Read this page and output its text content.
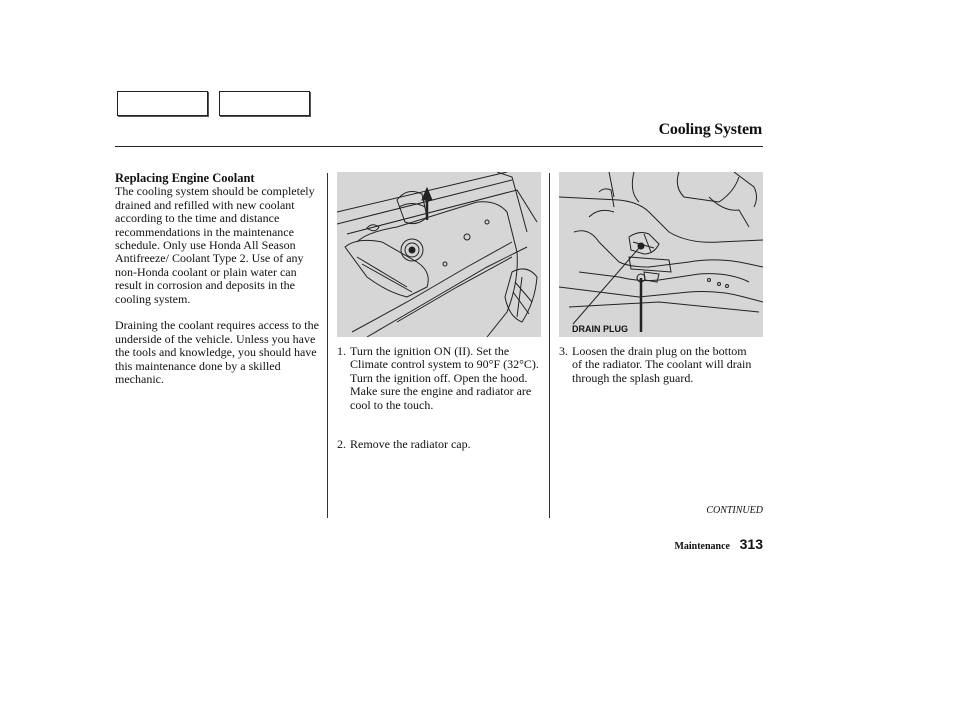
Cooling System
Replacing Engine Coolant

The cooling system should be completely drained and refilled with new coolant according to the time and distance recommendations in the maintenance schedule. Only use Honda All Season Antifreeze/ Coolant Type 2. Use of any non-Honda coolant or plain water can result in corrosion and deposits in the cooling system.

Draining the coolant requires access to the underside of the vehicle. Unless you have the tools and knowledge, you should have this maintenance done by a skilled mechanic.

DRAIN PLUG
1. Turn the ignition ON (II). Set the Climate control system to 90°F (32°C). Turn the ignition off. Open the hood. Make sure the engine and radiator are cool to the touch.
2. Remove the radiator cap.
3. Loosen the drain plug on the bottom of the radiator. The coolant will drain through the splash guard.
CONTINUED
Maintenance 313
